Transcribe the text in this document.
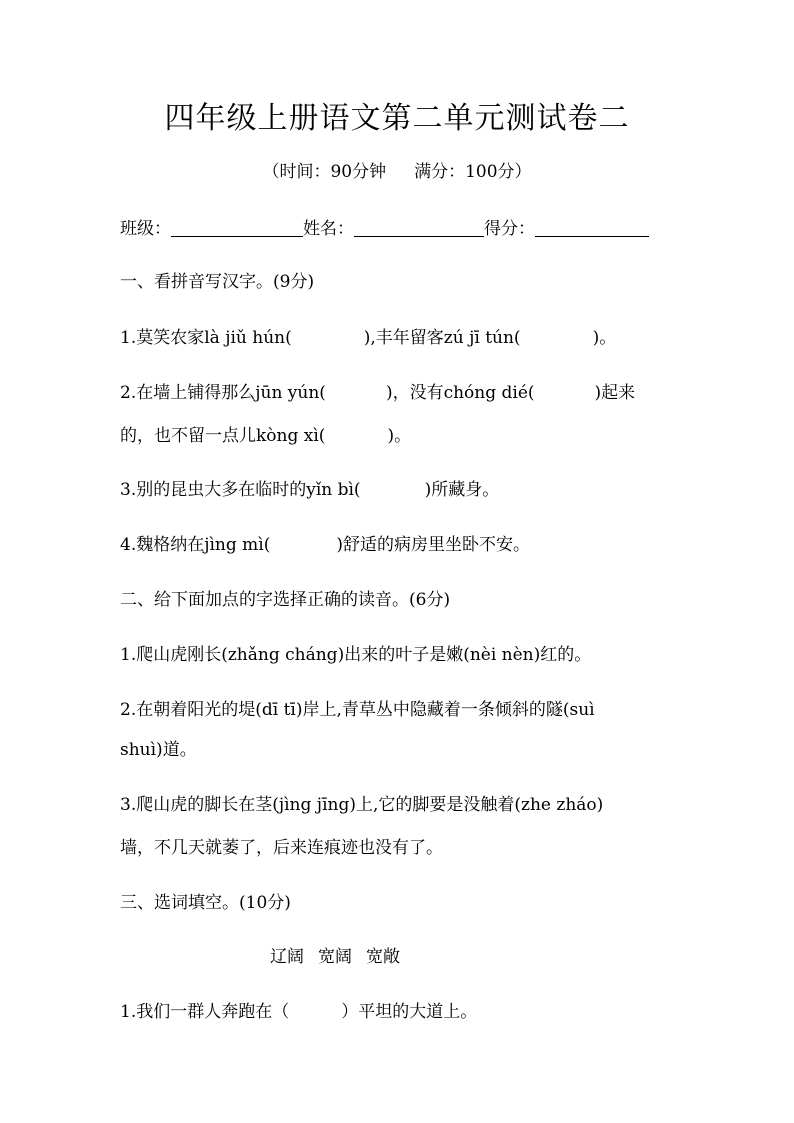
四年级上册语文第二单元测试卷二
（时间：90分钟 满分：100分）
班级：	姓名：	得分：
一、看拼音写汉字。(9分)
1.莫笑农家là jiǔ hún(	),丰年留客zú jī tún(	)。
2.在墙上铺得那么jūn yún(	)，没有chóng dié(	)起来
的，也不留一点儿kòng xì(	)。
3.别的昆虫大多在临时的yǐn bì(	)所藏身。
4.魏格纳在jìng mì(	)舒适的病房里坐卧不安。
二、给下面加点的字选择正确的读音。(6分)
1.爬山虎刚长(zhǎng cháng)出来的叶子是嫩(nèi nèn)红的。
2.在朝着阳光的堤(dī tī)岸上,青草丛中隐藏着一条倾斜的隧(suì
shuì)道。
3.爬山虎的脚长在茎(jìng jīng)上,它的脚要是没触着(zhe zháo)
墙，不几天就萎了，后来连痕迹也没有了。
三、选词填空。(10分)
辽阔 宽阔 宽敞
1.我们一群人奔跑在（	）平坦的大道上。
